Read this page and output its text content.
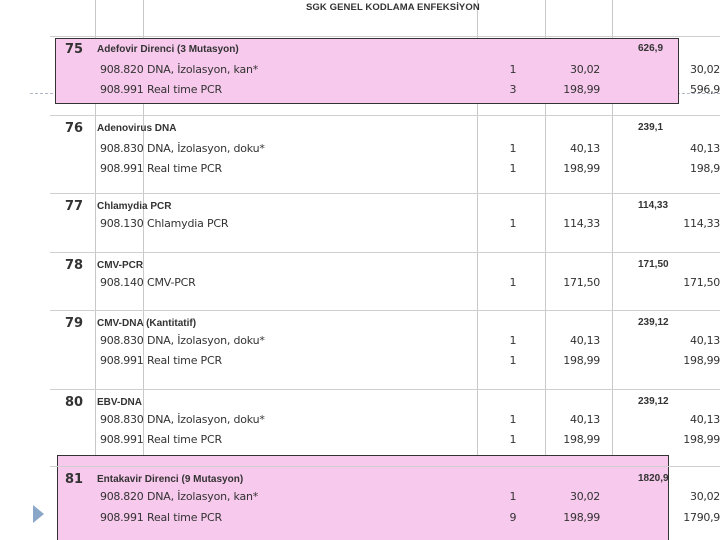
SGK GENEL KODLAMA ENFEKSİYON
75 Adefovir Direnci (3 Mutasyon)	626,9
908.820 DNA, İzolasyon, kan*	1	30,02	30,02
908.991 Real time PCR	3	198,99	596,9
76 Adenovirus DNA	239,1
908.830 DNA, İzolasyon, doku*	1	40,13	40,13
908.991 Real time PCR	1	198,99	198,9
77 Chlamydia PCR	114,33
908.130 Chlamydia PCR	1	114,33	114,33
78 CMV-PCR	171,50
908.140 CMV-PCR	1	171,50	171,50
79 CMV-DNA (Kantitatif)	239,12
908.830 DNA, İzolasyon, doku*	1	40,13	40,13
908.991 Real time PCR	1	198,99	198,99
80 EBV-DNA	239,12
908.830 DNA, İzolasyon, doku*	1	40,13	40,13
908.991 Real time PCR	1	198,99	198,99
81 Entakavir Direnci (9 Mutasyon)	1820,9
908.820 DNA, İzolasyon, kan*	1	30,02	30,02
908.991 Real time PCR	9	198,99	1790,9
